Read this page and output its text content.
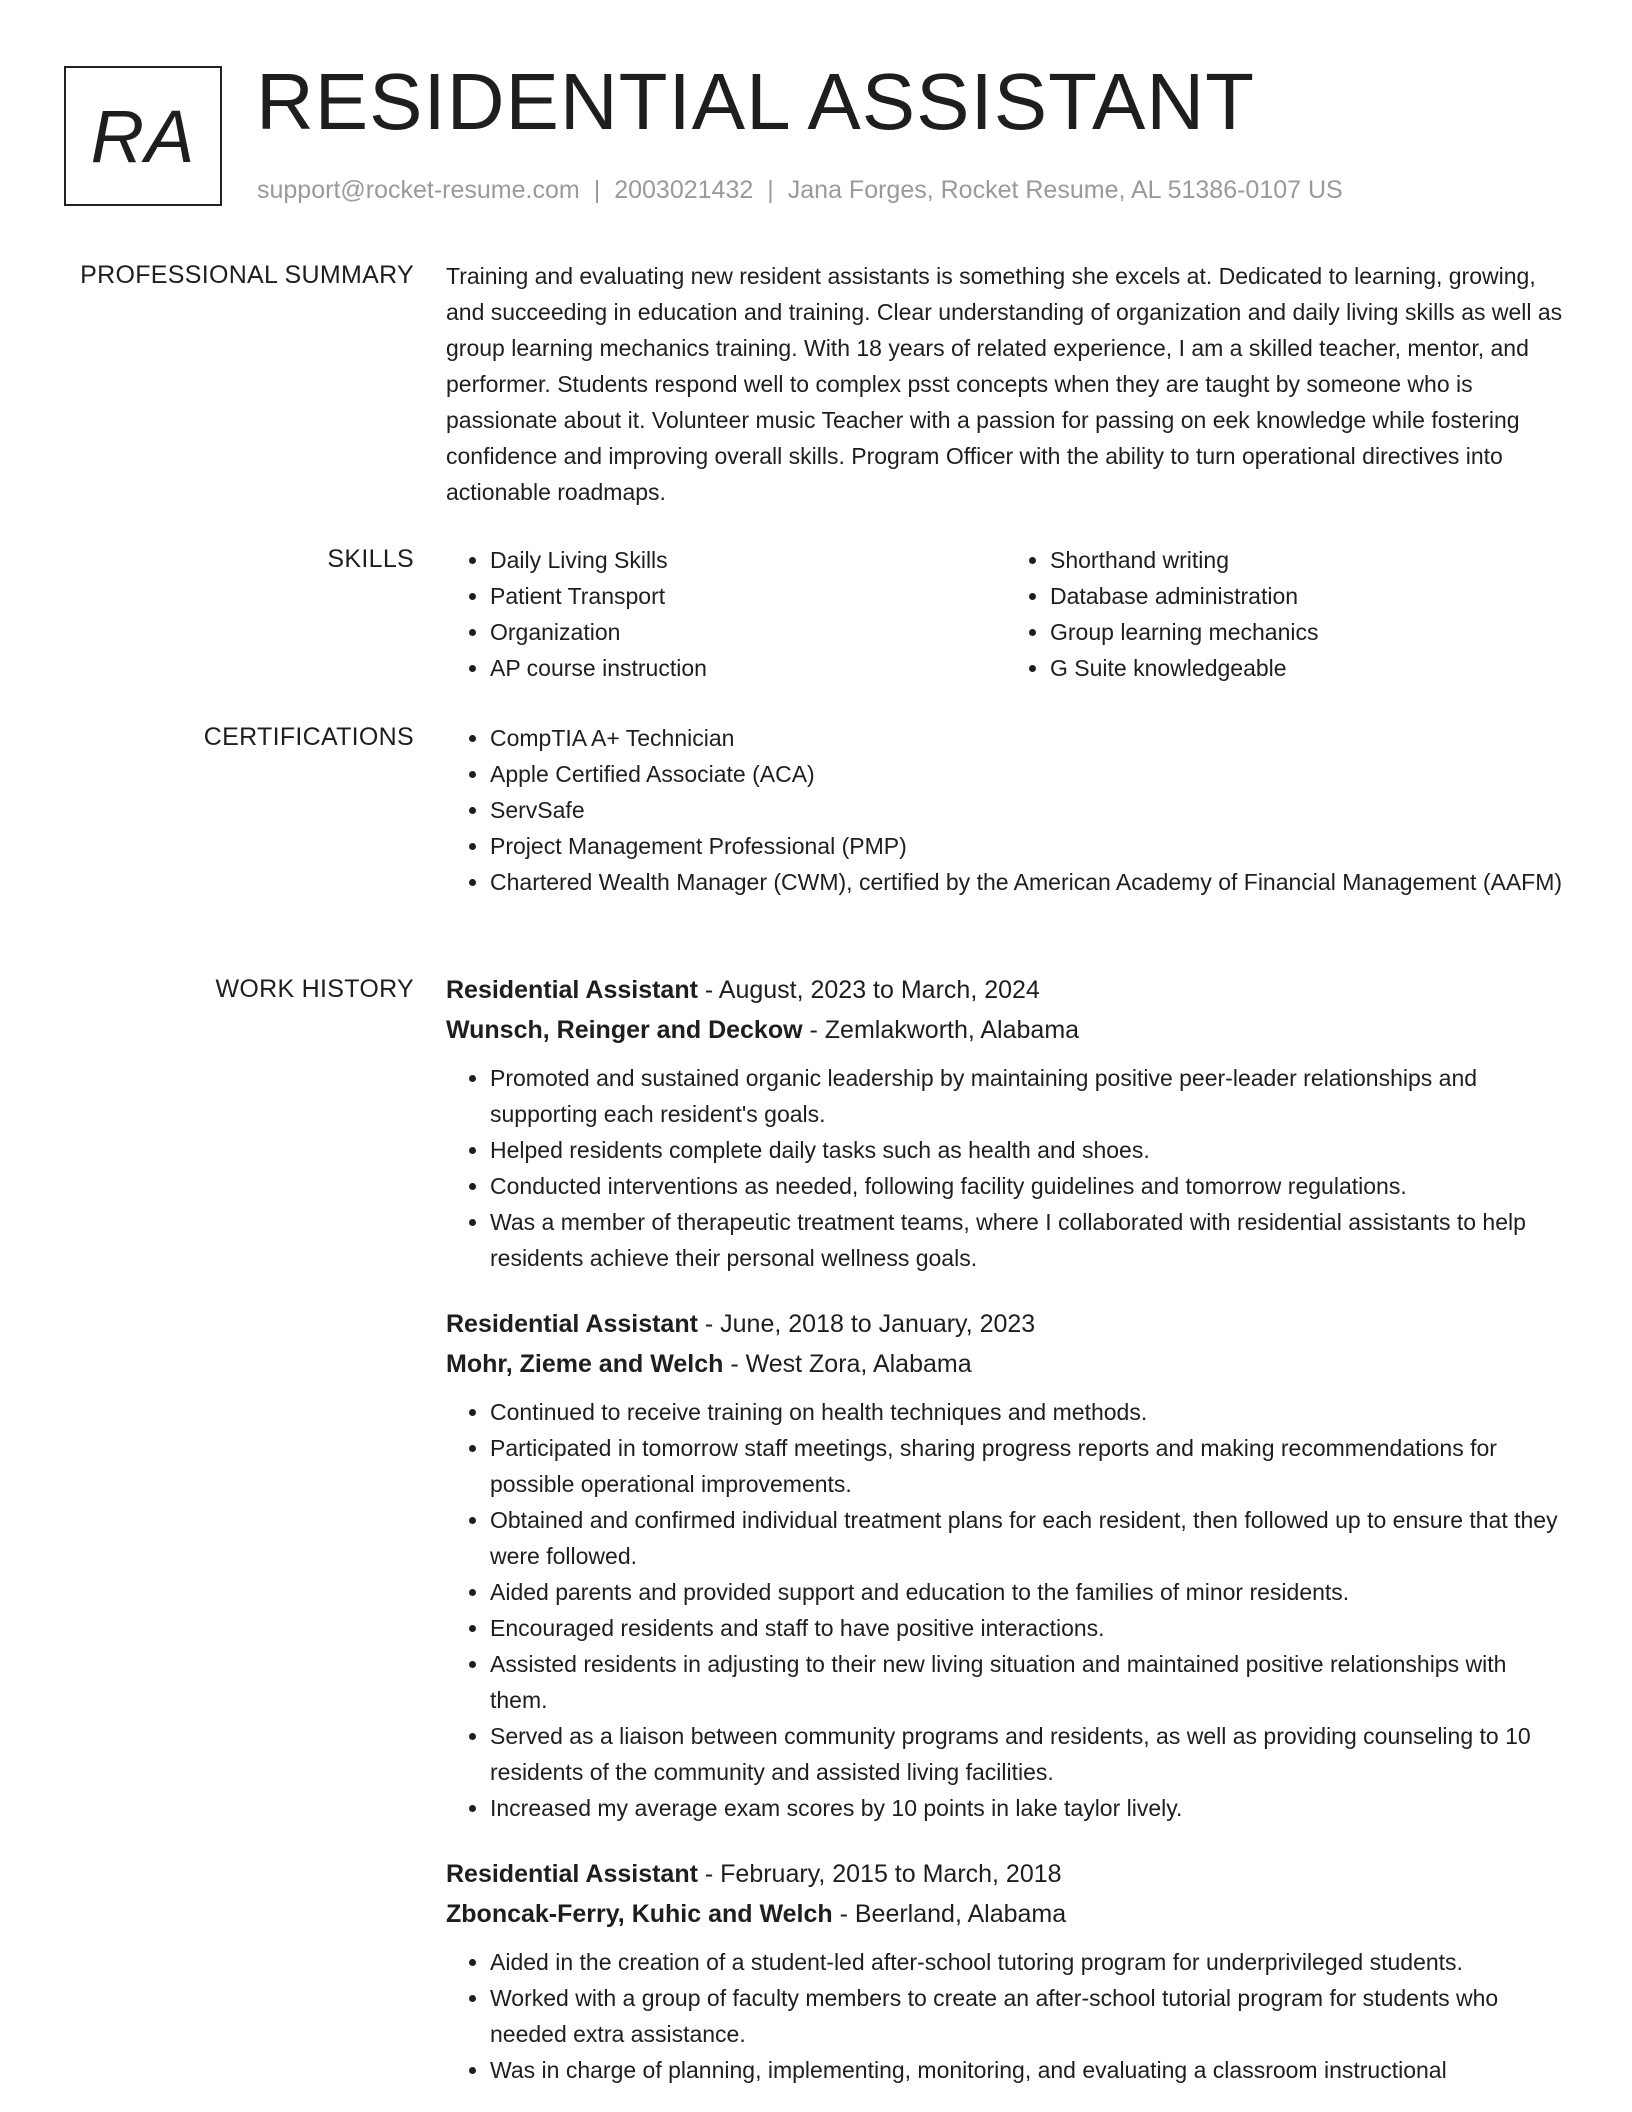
RA RESIDENTIAL ASSISTANT
support@rocket-resume.com | 2003021432 | Jana Forges, Rocket Resume, AL 51386-0107 US
PROFESSIONAL SUMMARY Training and evaluating new resident assistants is something she excels at. Dedicated to learning, growing, and succeeding in education and training. Clear understanding of organization and daily living skills as well as group learning mechanics training. With 18 years of related experience, I am a skilled teacher, mentor, and performer. Students respond well to complex psst concepts when they are taught by someone who is passionate about it. Volunteer music Teacher with a passion for passing on eek knowledge while fostering confidence and improving overall skills. Program Officer with the ability to turn operational directives into actionable roadmaps.

SKILLS	• Daily Living Skills
• Patient Transport
• Organization
• AP course instruction
• Shorthand writing
• Database administration
• Group learning mechanics
• G Suite knowledgeable
CERTIFICATIONS	• CompTIA A+ Technician
• Apple Certified Associate (ACA)
• ServSafe
• Project Management Professional (PMP)
• Chartered Wealth Manager (CWM), certified by the American Academy of Financial Management (AAFM)
WORK HISTORY Residential Assistant - August, 2023 to March, 2024
Wunsch, Reinger and Deckow - Zemlakworth, Alabama
• Promoted and sustained organic leadership by maintaining positive peer-leader relationships and supporting each resident's goals.
• Helped residents complete daily tasks such as health and shoes.
• Conducted interventions as needed, following facility guidelines and tomorrow regulations.
• Was a member of therapeutic treatment teams, where I collaborated with residential assistants to help residents achieve their personal wellness goals.
Residential Assistant - June, 2018 to January, 2023
Mohr, Zieme and Welch - West Zora, Alabama
• Continued to receive training on health techniques and methods.
• Participated in tomorrow staff meetings, sharing progress reports and making recommendations for possible operational improvements.
• Obtained and confirmed individual treatment plans for each resident, then followed up to ensure that they were followed.
• Aided parents and provided support and education to the families of minor residents.
• Encouraged residents and staff to have positive interactions.
• Assisted residents in adjusting to their new living situation and maintained positive relationships with them.
• Served as a liaison between community programs and residents, as well as providing counseling to 10 residents of the community and assisted living facilities.
• Increased my average exam scores by 10 points in lake taylor lively.
Residential Assistant - February, 2015 to March, 2018
Zboncak-Ferry, Kuhic and Welch - Beerland, Alabama
• Aided in the creation of a student-led after-school tutoring program for underprivileged students.
• Worked with a group of faculty members to create an after-school tutorial program for students who needed extra assistance.
• Was in charge of planning, implementing, monitoring, and evaluating a classroom instructional
